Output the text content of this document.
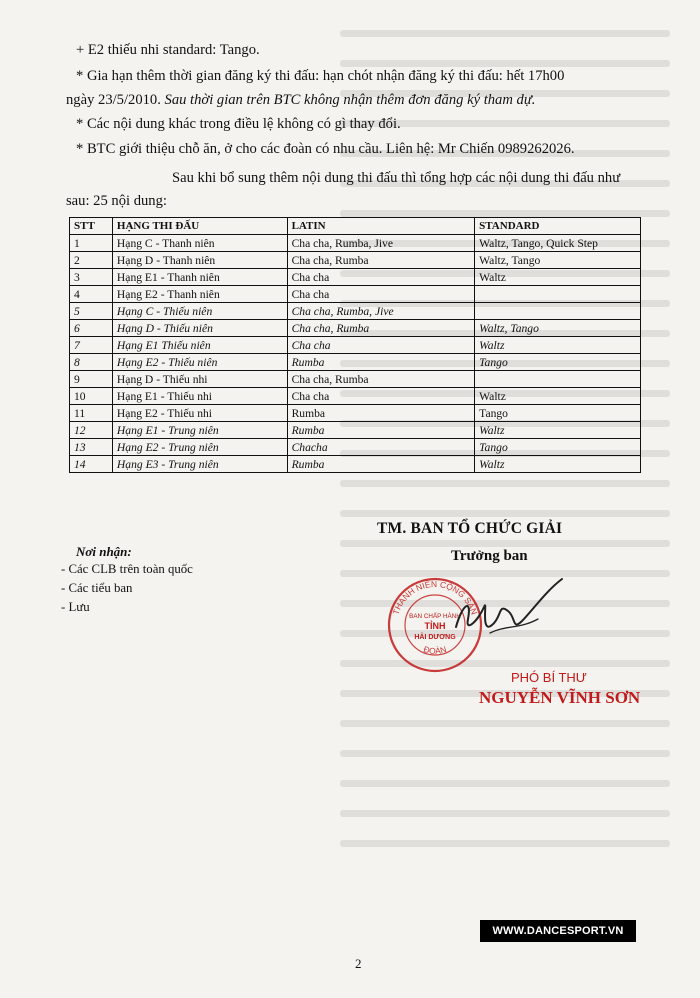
+ E2 thiếu nhi standard: Tango.
* Gia hạn thêm thời gian đăng ký thi đấu: hạn chót nhận đăng ký thi đấu: hết 17h00
ngày 23/5/2010. Sau thời gian trên BTC không nhận thêm đơn đăng ký tham dự.
* Các nội dung khác trong điều lệ không có gì thay đổi.
* BTC giới thiệu chỗ ăn, ở cho các đoàn có nhu cầu. Liên hệ: Mr Chiến 0989262026.
Sau khi bổ sung thêm nội dung thi đấu thì tổng hợp các nội dung thi đấu như
sau: 25 nội dung:
STT	HẠNG THI ĐẤU	LATIN	STANDARD
1	Hạng C - Thanh niên	Cha cha, Rumba, Jive	Waltz, Tango, Quick Step
2	Hạng D - Thanh niên	Cha cha, Rumba	Waltz, Tango
3	Hạng E1 - Thanh niên	Cha cha	Waltz
4	Hạng E2 - Thanh niên	Cha cha	
5	Hạng C - Thiếu niên	Cha cha, Rumba, Jive	
6	Hạng D - Thiếu niên	Cha cha, Rumba	Waltz, Tango
7	Hạng E1 Thiếu niên	Cha cha	Waltz
8	Hạng E2 - Thiếu niên	Rumba	Tango
9	Hạng D - Thiếu nhi	Cha cha, Rumba	
10	Hạng E1 - Thiếu nhi	Cha cha	Waltz
11	Hạng E2 - Thiếu nhi	Rumba	Tango
12	Hạng E1 - Trung niên	Rumba	Waltz
13	Hạng E2 - Trung niên	Chacha	Tango
14	Hạng E3 - Trung niên	Rumba	Waltz
TM. BAN TỔ CHỨC GIẢI
Trưởng ban
Nơi nhận:
- Các CLB trên toàn quốc
- Các tiểu ban
- Lưu	THANH NIÊN CỘNG SẢN
ĐOÀN
BAN CHẤP HÀNH
TỈNH
HẢI DƯƠNG
PHÓ BÍ THƯ
NGUYỄN VĨNH SƠN
WWW.DANCESPORT.VN
2
